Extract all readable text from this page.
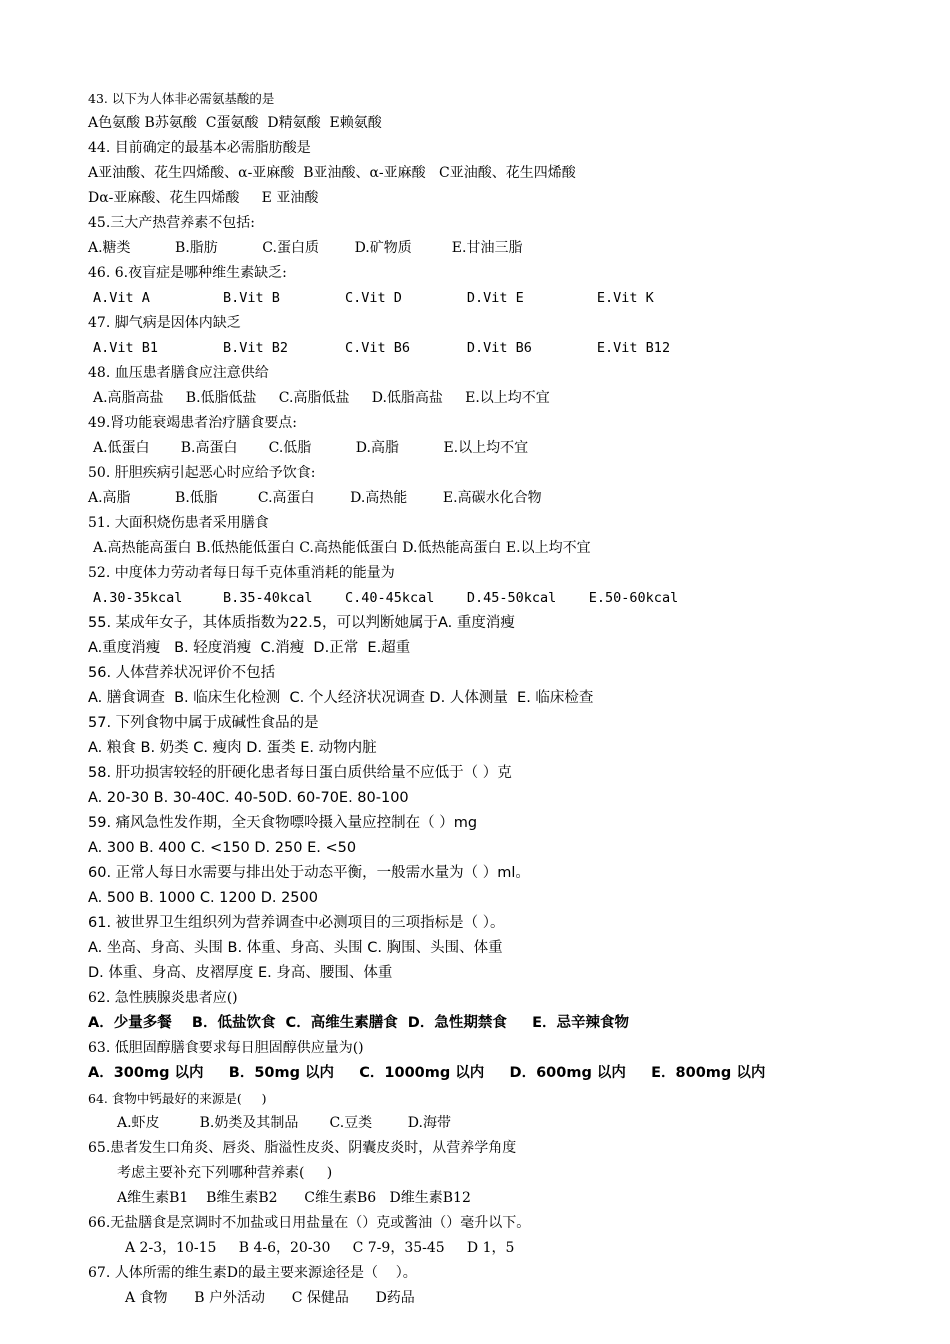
43. 以下为人体非必需氨基酸的是
A色氨酸 B苏氨酸  C蛋氨酸  D精氨酸  E赖氨酸
44. 目前确定的最基本必需脂肪酸是
A亚油酸、花生四烯酸、α-亚麻酸  B亚油酸、α-亚麻酸   C亚油酸、花生四烯酸
Dα-亚麻酸、花生四烯酸     E 亚油酸
45.三大产热营养素不包括:
A.糖类          B.脂肪          C.蛋白质        D.矿物质         E.甘油三脂
46. 6.夜盲症是哪种维生素缺乏:
A.Vit A         B.Vit B        C.Vit D        D.Vit E         E.Vit K
47. 脚气病是因体内缺乏
A.Vit B1        B.Vit B2       C.Vit B6       D.Vit B6        E.Vit B12
48. 血压患者膳食应注意供给
A.高脂高盐     B.低脂低盐     C.高脂低盐     D.低脂高盐     E.以上均不宜
49.肾功能衰竭患者治疗膳食要点:
A.低蛋白       B.高蛋白       C.低脂          D.高脂          E.以上均不宜
50. 肝胆疾病引起恶心时应给予饮食:
A.高脂          B.低脂         C.高蛋白        D.高热能        E.高碳水化合物
51. 大面积烧伤患者采用膳食
A.高热能高蛋白 B.低热能低蛋白 C.高热能低蛋白 D.低热能高蛋白 E.以上均不宜
52. 中度体力劳动者每日每千克体重消耗的能量为
A.30-35kcal     B.35-40kcal    C.40-45kcal    D.45-50kcal    E.50-60kcal
55. 某成年女子，其体质指数为22.5，可以判断她属于A. 重度消瘦
A.重度消瘦   B. 轻度消瘦  C.消瘦  D.正常  E.超重
56. 人体营养状况评价不包括
A. 膳食调查  B. 临床生化检测  C. 个人经济状况调查 D. 人体测量  E. 临床检查
57. 下列食物中属于成碱性食品的是
A. 粮食 B. 奶类 C. 瘦肉 D. 蛋类 E. 动物内脏
58. 肝功损害较轻的肝硬化患者每日蛋白质供给量不应低于（ ）克
A. 20-30 B. 30-40C. 40-50D. 60-70E. 80-100
59. 痛风急性发作期，全天食物嘌呤摄入量应控制在（ ）mg
A. 300 B. 400 C. <150 D. 250 E. <50
60. 正常人每日水需要与排出处于动态平衡，一般需水量为（ ）ml。
A. 500 B. 1000 C. 1200 D. 2500
61. 被世界卫生组织列为营养调查中必测项目的三项指标是（ ）。
A. 坐高、身高、头围 B. 体重、身高、头围 C. 胸围、头围、体重
D. 体重、身高、皮褶厚度 E. 身高、腰围、体重
62. 急性胰腺炎患者应()
A．少量多餐    B．低盐饮食  C．高维生素膳食  D．急性期禁食     E．忌辛辣食物
63. 低胆固醇膳食要求每日胆固醇供应量为()
A．300mg 以内     B．50mg 以内     C．1000mg 以内     D．600mg 以内     E．800mg 以内
64. 食物中钙最好的来源是(     )
A.虾皮         B.奶类及其制品       C.豆类        D.海带
65.患者发生口角炎、唇炎、脂溢性皮炎、阴囊皮炎时，从营养学角度
考虑主要补充下列哪种营养素(     )
A维生素B1    B维生素B2      C维生素B6   D维生素B12
66.无盐膳食是烹调时不加盐或日用盐量在（）克或酱油（）毫升以下。
A 2-3，10-15     B 4-6，20-30     C 7-9，35-45     D 1，5
67. 人体所需的维生素D的最主要来源途径是（    ）。
A 食物      B 户外活动      C 保健品      D药品
